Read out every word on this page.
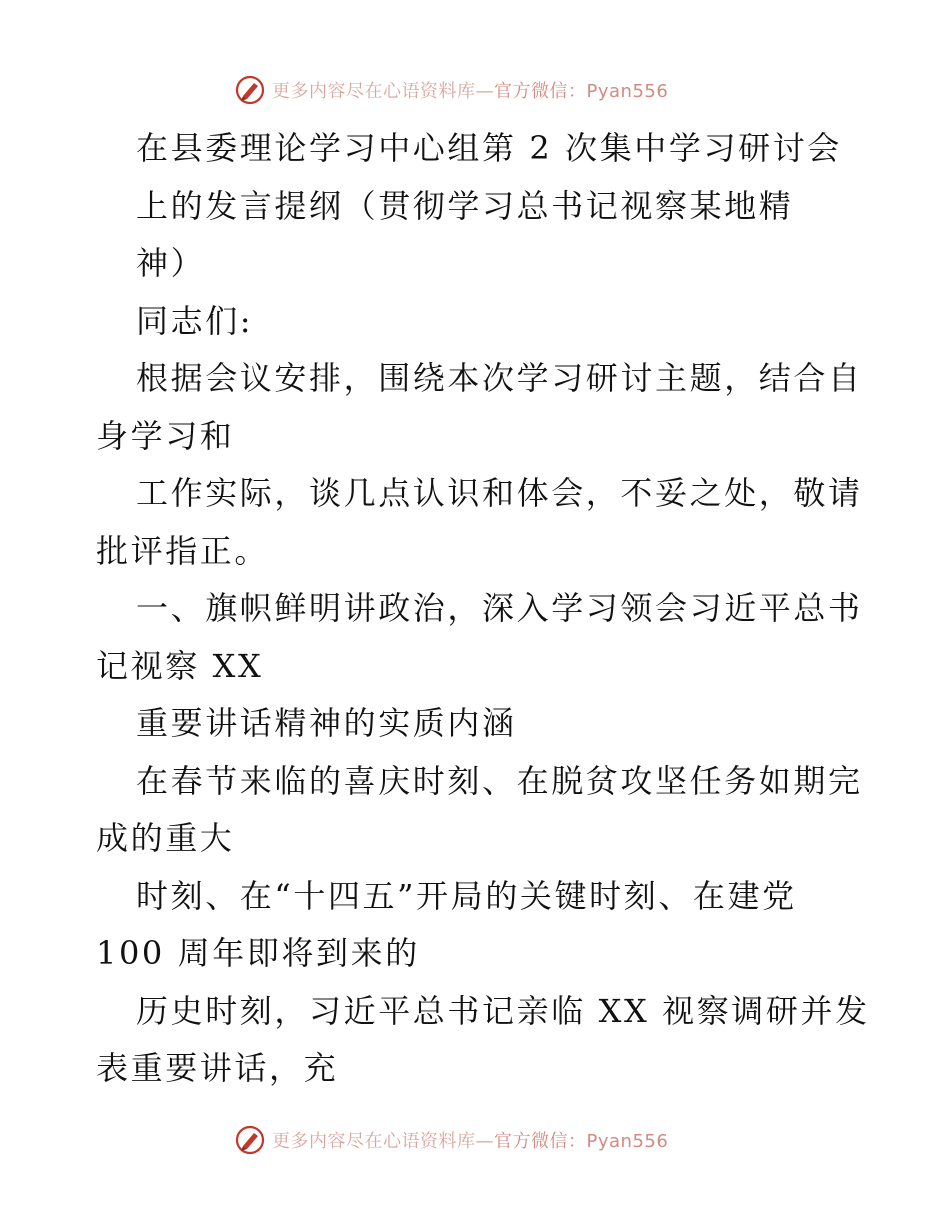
更多内容尽在心语资料库—官方微信：Pyan556
在县委理论学习中心组第 2 次集中学习研讨会
上的发言提纲（贯彻学习总书记视察某地精
神）
同志们:
根据会议安排，围绕本次学习研讨主题，结合自
身学习和
工作实际，谈几点认识和体会，不妥之处，敬请
批评指正。
一、旗帜鲜明讲政治，深入学习领会习近平总书
记视察 XX
重要讲话精神的实质内涵
在春节来临的喜庆时刻、在脱贫攻坚任务如期完
成的重大
时刻、在“十四五”开局的关键时刻、在建党
100 周年即将到来的
历史时刻，习近平总书记亲临 XX 视察调研并发
表重要讲话，充
更多内容尽在心语资料库—官方微信：Pyan556
